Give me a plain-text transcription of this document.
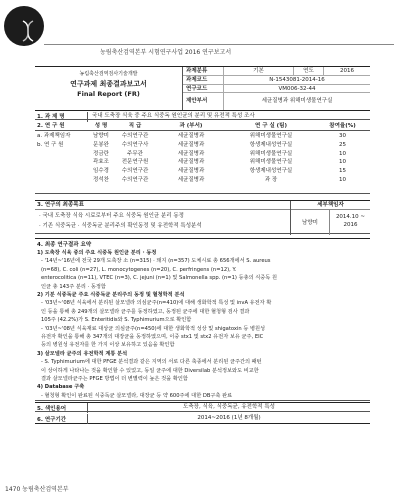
농림축산검역본부 시험연구사업 2016 연구보고서
농림축산검역검사기술개발
연구과제 최종결과보고서
Final Report (FR)
과제분류	기본	연도	2016
과제코드	N-1543081-2014-16
연구코드	VM006-32-44
제안부서	세균질병과 위해미생물연구실
1. 과 제 명	국내 도축장 식육 중 주요 식중독 원인균의 분리 및 유전적 특성 조사
2. 연 구 원	성 명	직 급	과 (부서)	연 구 실 (팀)	참여율(%)
a. 과제책임자	남향미	수의연구관	세균질병과	위해미생물연구실	30
b. 연 구 원	문봉완	수의연구사	세균질병과	항생제내성연구실	25
정금란	주무관	세균질병과	위해미생물연구실	10
곽효조	전문연구원	세균질병과	위해미생물연구실	10
임수경	수의연구관	세균질병과	항생제내성연구실	15
정석찬	수의연구관	세균질병과	과 장	10
3. 연구의 최종목표
· 국내 도축장 식육 시료로부터 주요 식중독 원인균 분리 동정
· 기존 식중독균 · 식중독균 분리주의 확인동정 및 유전학적 특성분석
세부책임자
남향미
2014.10 ~ 2016
4. 최종 연구결과 요약
1) 도축장 식육 중의 주요 식중독 원인균 분리 · 동정
- '14년~'16년에 전국 29개 도축장 소 (n=315) · 돼지 (n=357) 도체시료 총 656개에서 S. aureus
(n=68), C. coli (n=27), L. monocytogenes (n=20), C. perfringens (n=12), Y.
enterocolitica (n=11), VTEC (n=3), C. jejuni (n=1) 및 Salmonella spp. (n=1) 등총의 식중독 원
인균 총 143주 분리 · 동정함
2) 기분 식중독균 주요 식중독균 분리주의 동정 및 혈청학적 분석
- '03년~'08년 식육에서 분리된 살모넬라 의심균주(n=410)에 대해 생화학적 특성 및 invA 유전자 확
인 등을 통해 총 249개의 살모넬라 균주를 동정하였고, 동정된 균주에 대한 혈청형 검사 결과
105주 (42.2%)가 S. Enteritidis와 S. Typhimurium으로 확인함
- '03년~'08년 식육재료 대상균 의심균주(n=450)에 대한 생화학적 성상 및 shigatoxin 등 병원성
유전자 확인을 통해 총 347개의 대장균을 동정하였으며, 이중 stx1 및 stx2 유전자 보유 균주, EIC
등의 병원성 유전자를 한 가지 이상 보유하고 있음을 확인함
3) 살모넬라 균주의 유전학적 계통 분석
- S. Typhimurium에 대한 PFGE 분석결과 같은 지역의 서로 다른 축종에서 분리된 균주간의 패턴
이 상이하게 나타나는 것을 확인할 수 있었고, 동일 균주에 대한 Diversilab 분석정보와도 비교한
결과 살모넬라균주는 PFGE 방법이 더 변별력이 높은 것을 확인함
4) Database 구축
- 혈청형 확인이 완료된 식중독균 살모넬라, 대장균 등 약 600주에 대한 DB구축 완료
5. 색인용어	도축장, 식육, 식중독균, 유전학적 특성
6. 연구기간	2014~2016 (1년 8개월)
1470 농림축산검역본부
